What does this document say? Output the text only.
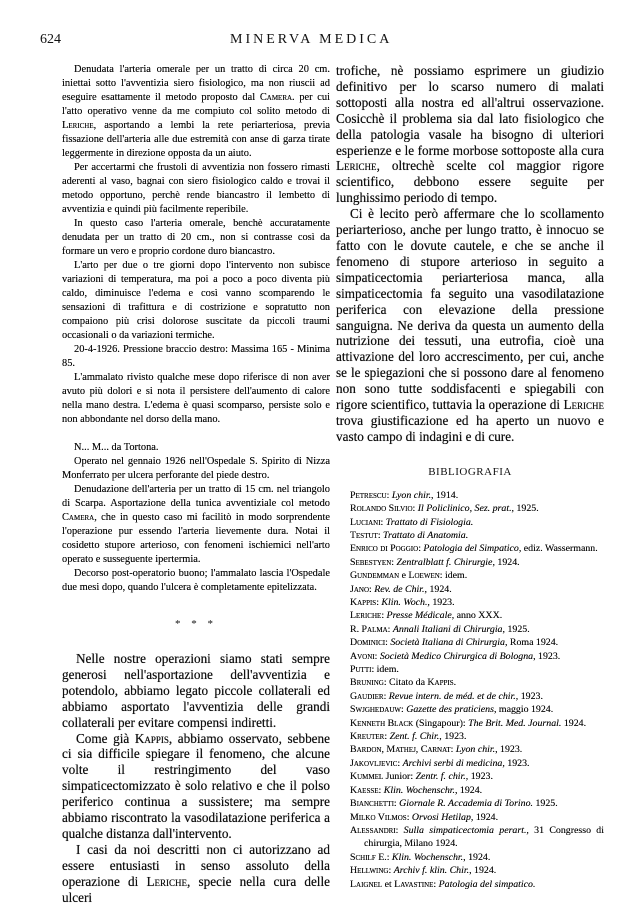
624	MINERVA MEDICA

Denudata l'arteria omerale per un tratto di circa 20 cm. iniettai sotto l'avventizia siero fisiologico, ma non riuscii ad eseguire esattamente il metodo proposto dal Camera. per cui l'atto operativo venne da me compiuto col solito metodo di Leriche, asportando a lembi la rete periarteriosa, previa fissazione dell'arteria alle due estremità con anse di garza tirate leggermente in direzione opposta da un aiuto.

Per accertarmi che frustoli di avventizia non fossero rimasti aderenti al vaso, bagnai con siero fisiologico caldo e trovai il metodo opportuno, perchè rende biancastro il lembetto di avventizia e quindi più facilmente reperibile.

In questo caso l'arteria omerale, benchè accuratamente denudata per un tratto di 20 cm., non si contrasse così da formare un vero e proprio cordone duro biancastro.

L'arto per due o tre giorni dopo l'intervento non subisce variazioni di temperatura, ma poi a poco a poco diventa più caldo, diminuisce l'edema e così vanno scomparendo le sensazioni di trafittura e di costrizione e sopratutto non compaiono più crisi dolorose suscitate da piccoli traumi occasionali o da variazioni termiche.

20-4-1926. Pressione braccio destro: Massima 165 - Minima 85.

L'ammalato rivisto qualche mese dopo riferisce di non aver avuto più dolori e si nota il persistere dell'aumento di calore nella mano destra. L'edema è quasi scomparso, persiste solo e non abbondante nel dorso della mano.

N... M... da Tortona.

Operato nel gennaio 1926 nell'Ospedale S. Spirito di Nizza Monferrato per ulcera perforante del piede destro.

Denudazione dell'arteria per un tratto di 15 cm. nel triangolo di Scarpa. Asportazione della tunica avventiziale col metodo Camera, che in questo caso mi facilitò in modo sorprendente l'operazione pur essendo l'arteria lievemente dura. Notai il cosidetto stupore arterioso, con fenomeni ischiemici nell'arto operato e susseguente ipertermia.

Decorso post-operatorio buono; l'ammalato lascia l'Ospedale due mesi dopo, quando l'ulcera è completamente epitelizzata.

* * *

Nelle nostre operazioni siamo stati sempre generosi nell'asportazione dell'avventizia e potendolo, abbiamo legato piccole collaterali ed abbiamo asportato l'avventizia delle grandi collaterali per evitare compensi indiretti.

Come già Kappis, abbiamo osservato, sebbene ci sia difficile spiegare il fenomeno, che alcune volte il restringimento del vaso simpaticectomizzato è solo relativo e che il polso periferico continua a sussistere; ma sempre abbiamo riscontrato la vasodilatazione periferica a qualche distanza dall'intervento.

I casi da noi descritti non ci autorizzano ad essere entusiasti in senso assoluto della operazione di Leriche, specie nella cura delle ulceri

trofiche, nè possiamo esprimere un giudizio definitivo per lo scarso numero di malati sottoposti alla nostra ed all'altrui osservazione. Cosicchè il problema sia dal lato fisiologico che della patologia vasale ha bisogno di ulteriori esperienze e le forme morbose sottoposte alla cura Leriche, oltrechè scelte col maggior rigore scientifico, debbono essere seguite per lunghissimo periodo di tempo.

Ci è lecito però affermare che lo scollamento periarterioso, anche per lungo tratto, è innocuo se fatto con le dovute cautele, e che se anche il fenomeno di stupore arterioso in seguito a simpaticectomia periarteriosa manca, alla simpaticectomia fa seguito una vasodilatazione periferica con elevazione della pressione sanguigna. Ne deriva da questa un aumento della nutrizione dei tessuti, una eutrofia, cioè una attivazione del loro accrescimento, per cui, anche se le spiegazioni che si possono dare al fenomeno non sono tutte soddisfacenti e spiegabili con rigore scientifico, tuttavia la operazione di Leriche trova giustificazione ed ha aperto un nuovo e vasto campo di indagini e di cure.

BIBLIOGRAFIA
Petrescu: Lyon chir., 1914.
Rolando Silvio: Il Policlinico, Sez. prat., 1925.
Luciani: Trattato di Fisiologia.
Testut: Trattato di Anatomia.
Enrico di Poggio: Patologia del Simpatico, ediz. Wassermann.
Sebestyen: Zentralblatt f. Chirurgie, 1924.
Gundemman e Loewen: idem.
Jano: Rev. de Chir., 1924.
Kappis: Klin. Woch., 1923.
Leriche: Presse Médicale, anno XXX.
R. Palma: Annali Italiani di Chirurgia, 1925.
Dominici: Società Italiana di Chirurgia, Roma 1924.
Avoni: Società Medico Chirurgica di Bologna, 1923.
Putti: idem.
Bruning: Citato da Kappis.
Gaudier: Revue intern. de méd. et de chir., 1923.
Swjghedauw: Gazette des praticiens, maggio 1924.
Kenneth Black (Singapour): The Brit. Med. Journal. 1924.
Kreuter: Zent. f. Chir., 1923.
Bardon, Mathej, Carnat: Lyon chir., 1923.
Jakovljevic: Archivi serbi di medicina, 1923.
Kummel Junior: Zentr. f. chir., 1923.
Kaesse: Klin. Wochenschr., 1924.
Bianchetti: Giornale R. Accademia di Torino. 1925.
Milko Vilmos: Orvosi Hetilap, 1924.
Alessandri: Sulla simpaticectomia perart., 31 Congresso di chirurgia, Milano 1924.
Schilf E.: Klin. Wochenschr., 1924.
Hellwing: Archiv f. klin. Chir., 1924.
Laignel et Lavastine: Patologia del simpatico.
